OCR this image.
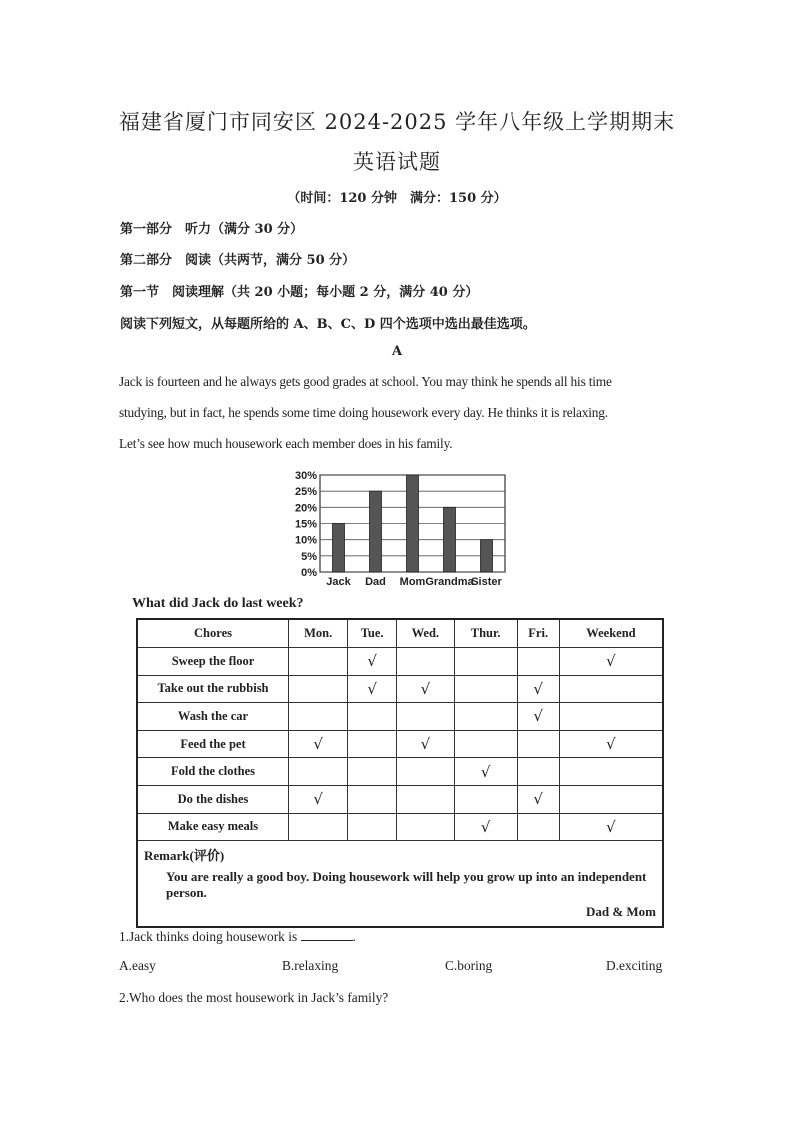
福建省厦门市同安区 2024-2025 学年八年级上学期期末
英语试题
（时间：120 分钟　满分：150 分）
第一部分　听力（满分 30 分）
第二部分　阅读（共两节，满分 50 分）
第一节　阅读理解（共 20 小题；每小题 2 分，满分 40 分）
阅读下列短文，从每题所给的 A、B、C、D 四个选项中选出最佳选项。
A
Jack is fourteen and he always gets good grades at school. You may think he spends all his time
studying, but in fact, he spends some time doing housework every day. He thinks it is relaxing.
Let’s see how much housework each member does in his family.
30%
25%
20%
15%
10%
5%
0%
Jack Dad Mom Grandma
Sister
What did Jack do last week?
Chores	Mon.	Tue.	Wed.	Thur.	Fri.	Weekend
Sweep the floor		√				√
Take out the rubbish		√	√		√	
Wash the car					√	
Feed the pet	√		√			√
Fold the clothes				√		
Do the dishes	√				√	
Make easy meals				√		√

Remark(评价)
You are really a good boy. Doing housework will help you grow up into an independent person.
Dad & Mom						
1.Jack thinks doing housework is	.
A.easy	B.relaxing	C.boring	D.exciting
2.Who does the most housework in Jack’s family?
